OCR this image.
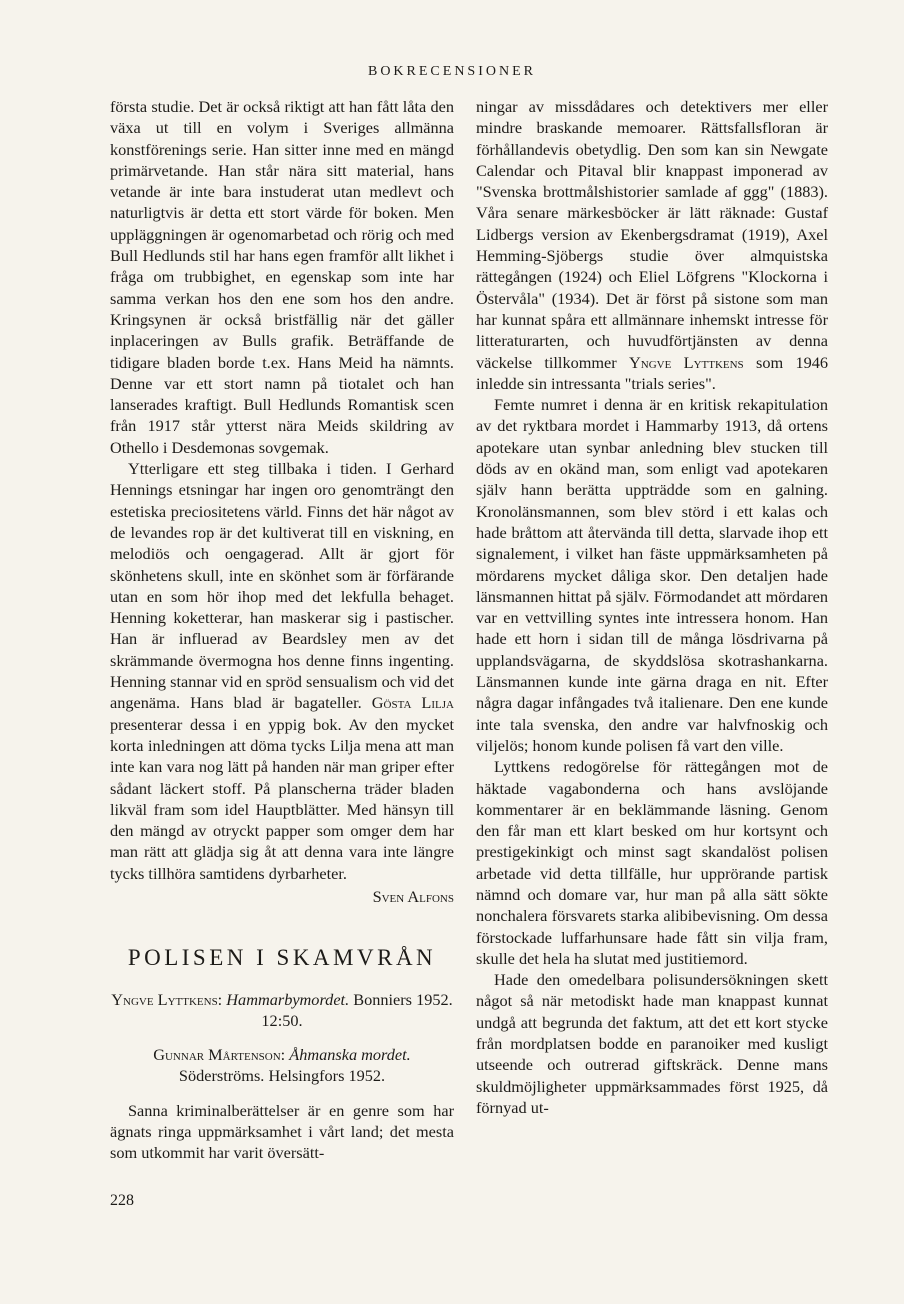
BOKRECENSIONER

första studie. Det är också riktigt att han fått låta den växa ut till en volym i Sveriges allmänna konstförenings serie. Han sitter inne med en mängd primärvetande. Han står nära sitt material, hans vetande är inte bara instuderat utan medlevt och naturligtvis är detta ett stort värde för boken. Men uppläggningen är ogenomarbetad och rörig och med Bull Hedlunds stil har hans egen framför allt likhet i fråga om trubbighet, en egenskap som inte har samma verkan hos den ene som hos den andre. Kringsynen är också bristfällig när det gäller inplaceringen av Bulls grafik. Beträffande de tidigare bladen borde t.ex. Hans Meid ha nämnts. Denne var ett stort namn på tiotalet och han lanserades kraftigt. Bull Hedlunds Romantisk scen från 1917 står ytterst nära Meids skildring av Othello i Desdemonas sovgemak.

Ytterligare ett steg tillbaka i tiden. I Gerhard Hennings etsningar har ingen oro genomträngt den estetiska preciositetens värld. Finns det här något av de levandes rop är det kultiverat till en viskning, en melodiös och oengagerad. Allt är gjort för skönhetens skull, inte en skönhet som är förfärande utan en som hör ihop med det lekfulla behaget. Henning koketterar, han maskerar sig i pastischer. Han är influerad av Beardsley men av det skrämmande övermogna hos denne finns ingenting. Henning stannar vid en spröd sensualism och vid det angenäma. Hans blad är bagateller. Gösta Lilja presenterar dessa i en yppig bok. Av den mycket korta inledningen att döma tycks Lilja mena att man inte kan vara nog lätt på handen när man griper efter sådant läckert stoff. På planscherna träder bladen likväl fram som idel Hauptblätter. Med hänsyn till den mängd av otryckt papper som omger dem har man rätt att glädja sig åt att denna vara inte längre tycks tillhöra samtidens dyrbarheter.

Sven Alfons

POLISEN I SKAMVRÅN

Yngve Lyttkens: Hammarbymordet. Bonniers 1952. 12:50.

Gunnar Mårtenson: Åhmanska mordet. Söderströms. Helsingfors 1952.

Sanna kriminalberättelser är en genre som har ägnats ringa uppmärksamhet i vårt land; det mesta som utkommit har varit översätt-

ningar av missdådares och detektivers mer eller mindre braskande memoarer. Rättsfallsfloran är förhållandevis obetydlig. Den som kan sin Newgate Calendar och Pitaval blir knappast imponerad av "Svenska brottmålshistorier samlade af ggg" (1883). Våra senare märkesböcker är lätt räknade: Gustaf Lidbergs version av Ekenbergsdramat (1919), Axel Hemming-Sjöbergs studie över almquistska rättegången (1924) och Eliel Löfgrens "Klockorna i Östervåla" (1934). Det är först på sistone som man har kunnat spåra ett allmännare inhemskt intresse för litteraturarten, och huvudförtjänsten av denna väckelse tillkommer Yngve Lyttkens som 1946 inledde sin intressanta "trials series".

Femte numret i denna är en kritisk rekapitulation av det ryktbara mordet i Hammarby 1913, då ortens apotekare utan synbar anledning blev stucken till döds av en okänd man, som enligt vad apotekaren själv hann berätta uppträdde som en galning. Kronolänsmannen, som blev störd i ett kalas och hade bråttom att återvända till detta, slarvade ihop ett signalement, i vilket han fäste uppmärksamheten på mördarens mycket dåliga skor. Den detaljen hade länsmannen hittat på själv. Förmodandet att mördaren var en vettvilling syntes inte intressera honom. Han hade ett horn i sidan till de många lösdrivarna på upplandsvägarna, de skyddslösa skotrashankarna. Länsmannen kunde inte gärna draga en nit. Efter några dagar infångades två italienare. Den ene kunde inte tala svenska, den andre var halvfnoskig och viljelös; honom kunde polisen få vart den ville.

Lyttkens redogörelse för rättegången mot de häktade vagabonderna och hans avslöjande kommentarer är en beklämmande läsning. Genom den får man ett klart besked om hur kortsynt och prestigekinkigt och minst sagt skandalöst polisen arbetade vid detta tillfälle, hur upprörande partisk nämnd och domare var, hur man på alla sätt sökte nonchalera försvarets starka alibibevisning. Om dessa förstockade luffarhunsare hade fått sin vilja fram, skulle det hela ha slutat med justitiemord.

Hade den omedelbara polisundersökningen skett något så när metodiskt hade man knappast kunnat undgå att begrunda det faktum, att det ett kort stycke från mordplatsen bodde en paranoiker med kusligt utseende och outrerad giftskräck. Denne mans skuldmöjligheter uppmärksammades först 1925, då förnyad ut-

228
